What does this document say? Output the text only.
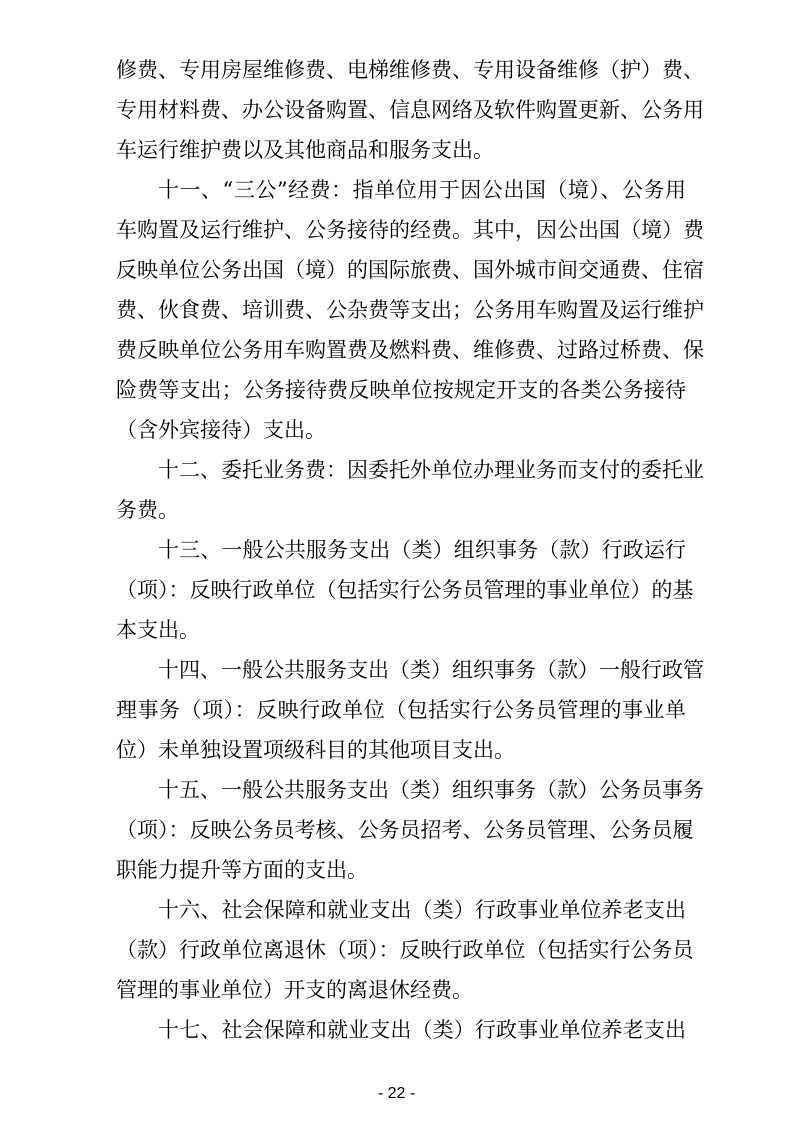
修费、专用房屋维修费、电梯维修费、专用设备维修（护）费、
专用材料费、办公设备购置、信息网络及软件购置更新、公务用
车运行维护费以及其他商品和服务支出。
十一、“三公”经费：指单位用于因公出国（境）、公务用
车购置及运行维护、公务接待的经费。其中，因公出国（境）费
反映单位公务出国（境）的国际旅费、国外城市间交通费、住宿
费、伙食费、培训费、公杂费等支出；公务用车购置及运行维护
费反映单位公务用车购置费及燃料费、维修费、过路过桥费、保
险费等支出；公务接待费反映单位按规定开支的各类公务接待
（含外宾接待）支出。
十二、委托业务费：因委托外单位办理业务而支付的委托业
务费。
十三、一般公共服务支出（类）组织事务（款）行政运行
（项）：反映行政单位（包括实行公务员管理的事业单位）的基
本支出。
十四、一般公共服务支出（类）组织事务（款）一般行政管
理事务（项）：反映行政单位（包括实行公务员管理的事业单
位）未单独设置项级科目的其他项目支出。
十五、一般公共服务支出（类）组织事务（款）公务员事务
（项）：反映公务员考核、公务员招考、公务员管理、公务员履
职能力提升等方面的支出。
十六、社会保障和就业支出（类）行政事业单位养老支出
（款）行政单位离退休（项）：反映行政单位（包括实行公务员
管理的事业单位）开支的离退休经费。
十七、社会保障和就业支出（类）行政事业单位养老支出
- 22 -
